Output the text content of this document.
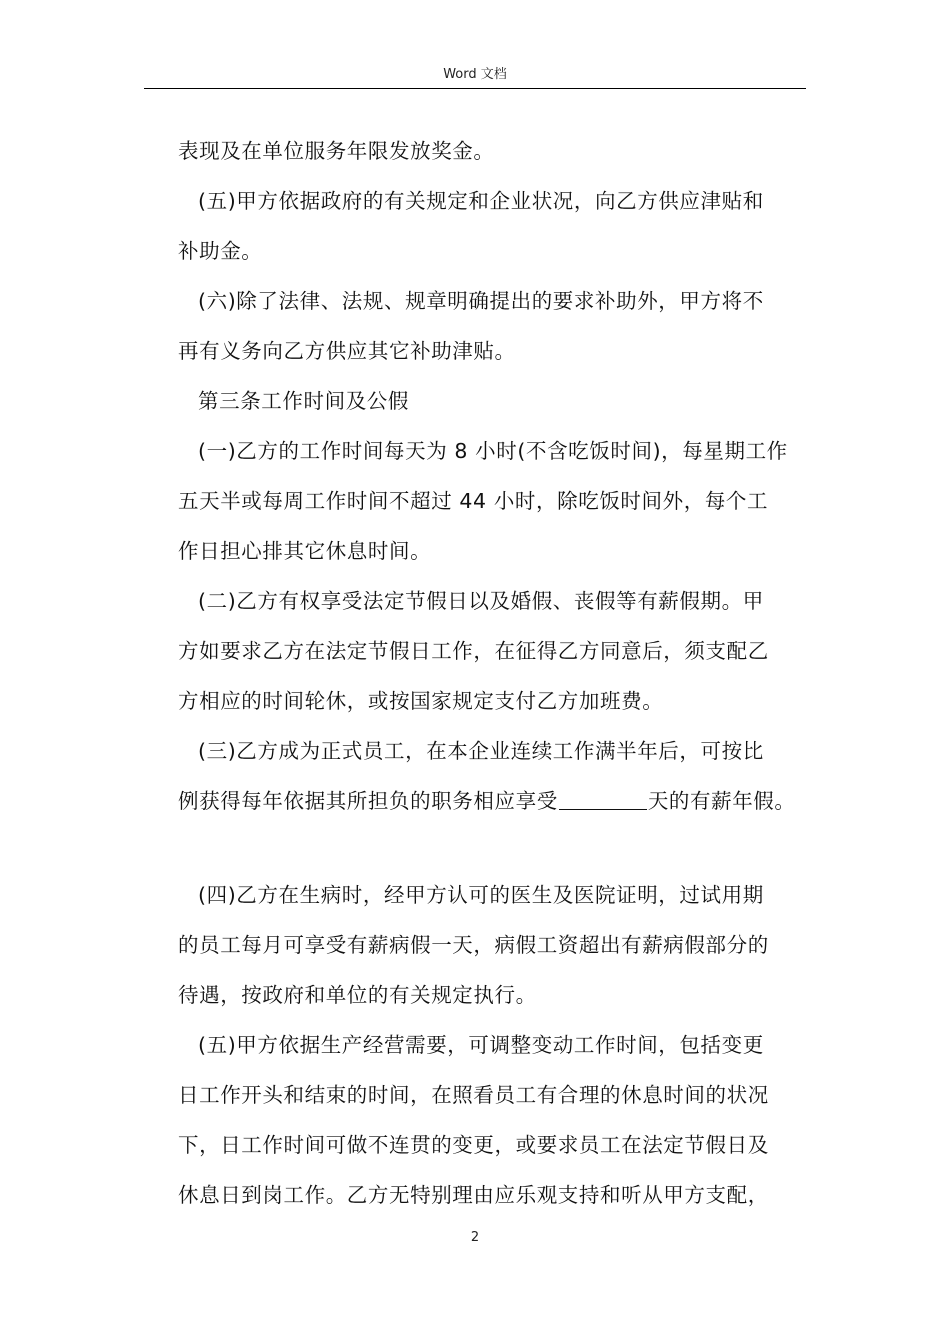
Word 文档
表现及在单位服务年限发放奖金。
(五)甲方依据政府的有关规定和企业状况，向乙方供应津贴和
补助金。
(六)除了法律、法规、规章明确提出的要求补助外，甲方将不
再有义务向乙方供应其它补助津贴。
第三条工作时间及公假
(一)乙方的工作时间每天为 8 小时(不含吃饭时间)，每星期工作
五天半或每周工作时间不超过 44 小时，除吃饭时间外，每个工
作日担心排其它休息时间。
(二)乙方有权享受法定节假日以及婚假、丧假等有薪假期。甲
方如要求乙方在法定节假日工作，在征得乙方同意后，须支配乙
方相应的时间轮休，或按国家规定支付乙方加班费。
(三)乙方成为正式员工，在本企业连续工作满半年后，可按比
例获得每年依据其所担负的职务相应享受	天的有薪年假。
(四)乙方在生病时，经甲方认可的医生及医院证明，过试用期
的员工每月可享受有薪病假一天，病假工资超出有薪病假部分的
待遇，按政府和单位的有关规定执行。
(五)甲方依据生产经营需要，可调整变动工作时间，包括变更
日工作开头和结束的时间，在照看员工有合理的休息时间的状况
下，日工作时间可做不连贯的变更，或要求员工在法定节假日及
休息日到岗工作。乙方无特别理由应乐观支持和听从甲方支配，
2
